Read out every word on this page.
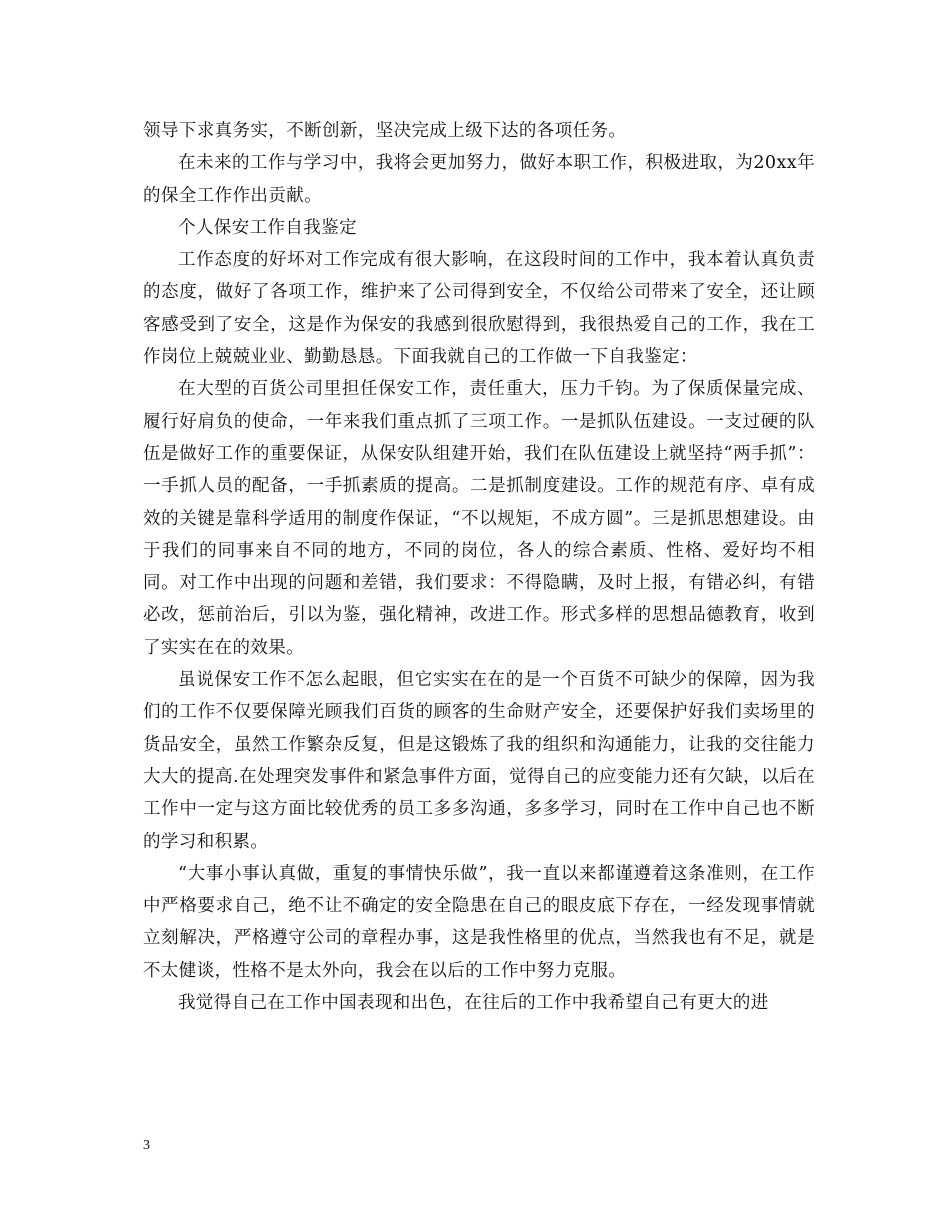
领导下求真务实，不断创新，坚决完成上级下达的各项任务。

在未来的工作与学习中，我将会更加努力，做好本职工作，积极进取，为20xx年的保全工作作出贡献。

个人保安工作自我鉴定

工作态度的好坏对工作完成有很大影响，在这段时间的工作中，我本着认真负责的态度，做好了各项工作，维护来了公司得到安全，不仅给公司带来了安全，还让顾客感受到了安全，这是作为保安的我感到很欣慰得到，我很热爱自己的工作，我在工作岗位上兢兢业业、勤勤恳恳。下面我就自己的工作做一下自我鉴定：

在大型的百货公司里担任保安工作，责任重大，压力千钧。为了保质保量完成、履行好肩负的使命，一年来我们重点抓了三项工作。一是抓队伍建设。一支过硬的队伍是做好工作的重要保证，从保安队组建开始，我们在队伍建设上就坚持“两手抓”：一手抓人员的配备，一手抓素质的提高。二是抓制度建设。工作的规范有序、卓有成效的关键是靠科学适用的制度作保证，“不以规矩，不成方圆”。三是抓思想建设。由于我们的同事来自不同的地方，不同的岗位，各人的综合素质、性格、爱好均不相同。对工作中出现的问题和差错，我们要求：不得隐瞒，及时上报，有错必纠，有错必改，惩前治后，引以为鉴，强化精神，改进工作。形式多样的思想品德教育，收到了实实在在的效果。

虽说保安工作不怎么起眼，但它实实在在的是一个百货不可缺少的保障，因为我们的工作不仅要保障光顾我们百货的顾客的生命财产安全，还要保护好我们卖场里的货品安全，虽然工作繁杂反复，但是这锻炼了我的组织和沟通能力，让我的交往能力大大的提高.在处理突发事件和紧急事件方面，觉得自己的应变能力还有欠缺，以后在工作中一定与这方面比较优秀的员工多多沟通，多多学习，同时在工作中自己也不断的学习和积累。

“大事小事认真做，重复的事情快乐做”，我一直以来都谨遵着这条准则，在工作中严格要求自己，绝不让不确定的安全隐患在自己的眼皮底下存在，一经发现事情就立刻解决，严格遵守公司的章程办事，这是我性格里的优点，当然我也有不足，就是不太健谈，性格不是太外向，我会在以后的工作中努力克服。

我觉得自己在工作中国表现和出色，在往后的工作中我希望自己有更大的进

3
